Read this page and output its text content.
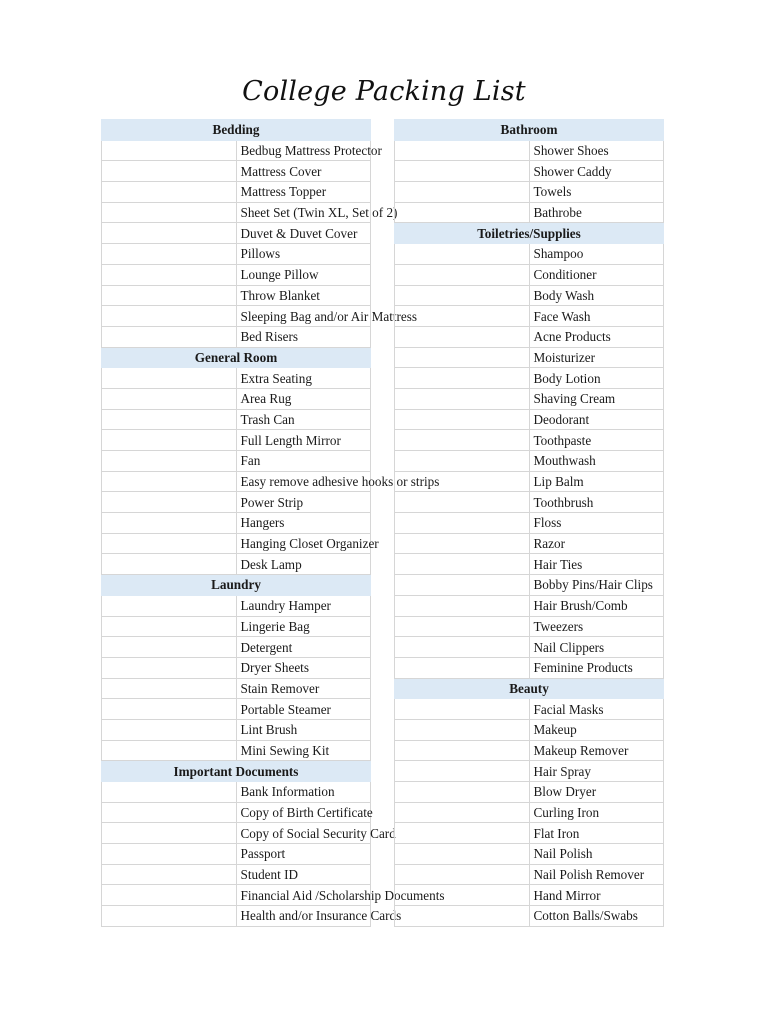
College Packing List
Bedding	
	Bedbug Mattress Protector
	Mattress Cover
	Mattress Topper
	Sheet Set (Twin XL, Set of 2)
	Duvet & Duvet Cover
	Pillows
	Lounge Pillow
	Throw Blanket
	Sleeping Bag and/or Air Mattress
	Bed Risers
General Room	
	Extra Seating
	Area Rug
	Trash Can
	Full Length Mirror
	Fan
	Easy remove adhesive hooks or strips
	Power Strip
	Hangers
	Hanging Closet Organizer
	Desk Lamp
Laundry	
	Laundry Hamper
	Lingerie Bag
	Detergent
	Dryer Sheets
	Stain Remover
	Portable Steamer
	Lint Brush
	Mini Sewing Kit
Important Documents	
	Bank Information
	Copy of Birth Certificate
	Copy of Social Security Card
	Passport
	Student ID
	Financial Aid /Scholarship Documents
	Health and/or Insurance Cards
Bathroom	
	Shower Shoes
	Shower Caddy
	Towels
	Bathrobe
Toiletries/Supplies	
	Shampoo
	Conditioner
	Body Wash
	Face Wash
	Acne Products
	Moisturizer
	Body Lotion
	Shaving Cream
	Deodorant
	Toothpaste
	Mouthwash
	Lip Balm
	Toothbrush
	Floss
	Razor
	Hair Ties
	Bobby Pins/Hair Clips
	Hair Brush/Comb
	Tweezers
	Nail Clippers
	Feminine Products
Beauty	
	Facial Masks
	Makeup
	Makeup Remover
	Hair Spray
	Blow Dryer
	Curling Iron
	Flat Iron
	Nail Polish
	Nail Polish Remover
	Hand Mirror
	Cotton Balls/Swabs
